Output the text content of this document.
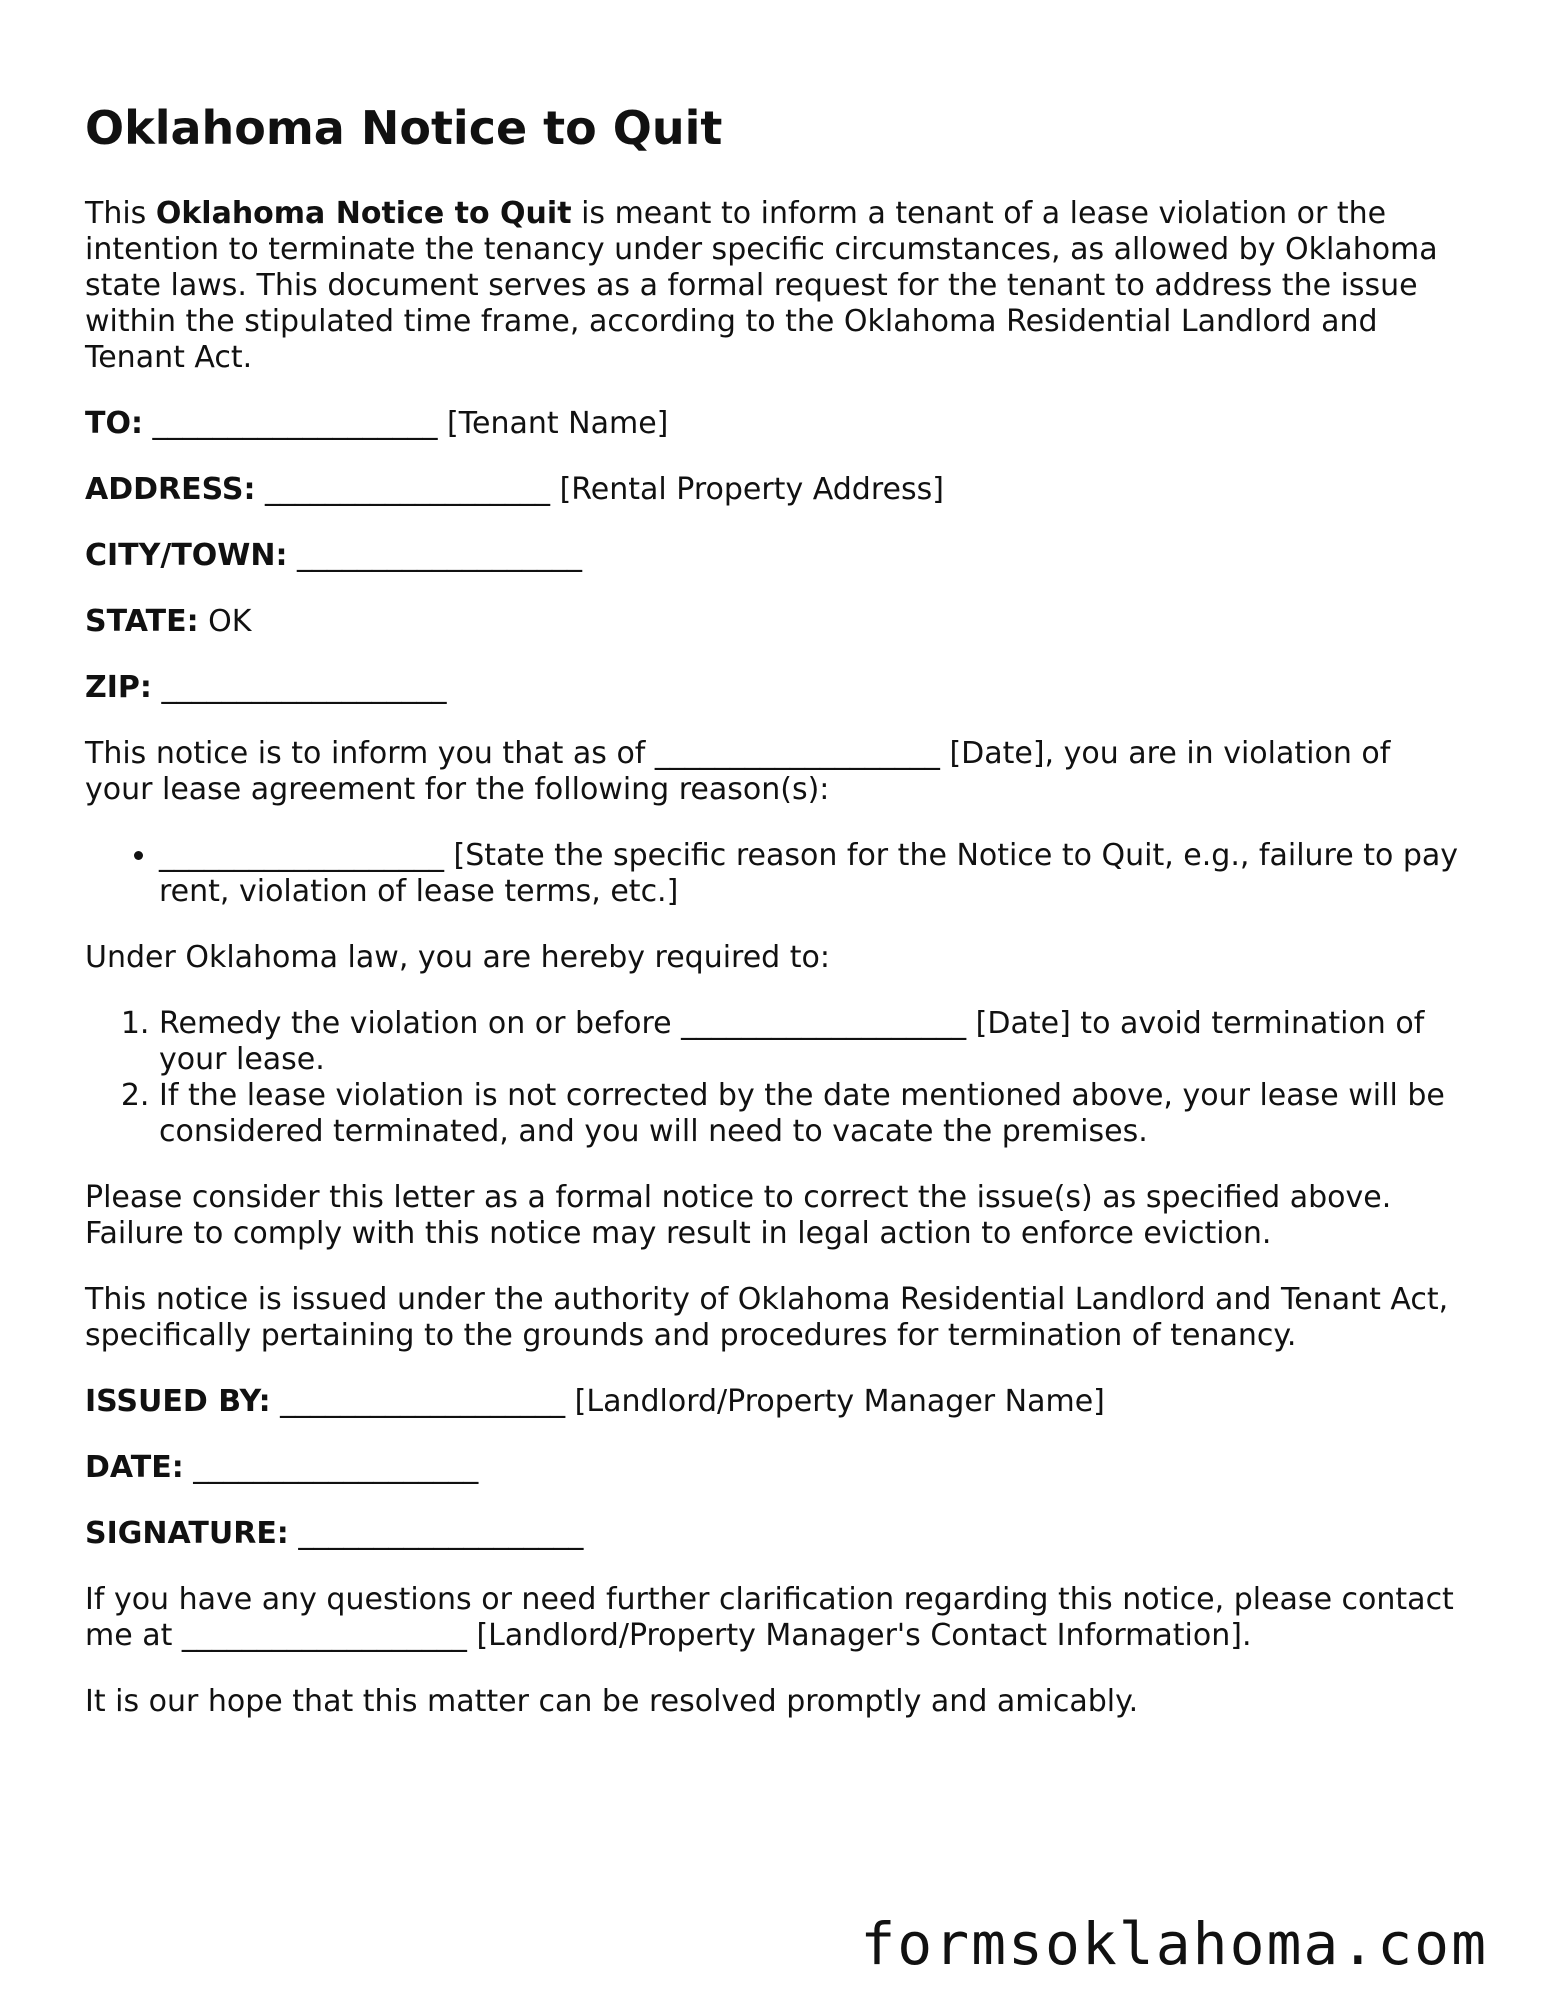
Oklahoma Notice to Quit

This Oklahoma Notice to Quit is meant to inform a tenant of a lease violation or the intention to terminate the tenancy under specific circumstances, as allowed by Oklahoma state laws. This document serves as a formal request for the tenant to address the issue within the stipulated time frame, according to the Oklahoma Residential Landlord and Tenant Act.

TO: ___________________ [Tenant Name]
ADDRESS: ___________________ [Rental Property Address]
CITY/TOWN: ___________________
STATE: OK
ZIP: ___________________

This notice is to inform you that as of ___________________ [Date], you are in violation of your lease agreement for the following reason(s):

• ___________________ [State the specific reason for the Notice to Quit, e.g., failure to pay rent, violation of lease terms, etc.]

Under Oklahoma law, you are hereby required to:

1. Remedy the violation on or before ___________________ [Date] to avoid termination of your lease.
2. If the lease violation is not corrected by the date mentioned above, your lease will be considered terminated, and you will need to vacate the premises.

Please consider this letter as a formal notice to correct the issue(s) as specified above. Failure to comply with this notice may result in legal action to enforce eviction.

This notice is issued under the authority of Oklahoma Residential Landlord and Tenant Act, specifically pertaining to the grounds and procedures for termination of tenancy.

ISSUED BY: ___________________ [Landlord/Property Manager Name]
DATE: ___________________
SIGNATURE: ___________________

If you have any questions or need further clarification regarding this notice, please contact me at ___________________ [Landlord/Property Manager's Contact Information].

It is our hope that this matter can be resolved promptly and amicably.

formsoklahoma.com
